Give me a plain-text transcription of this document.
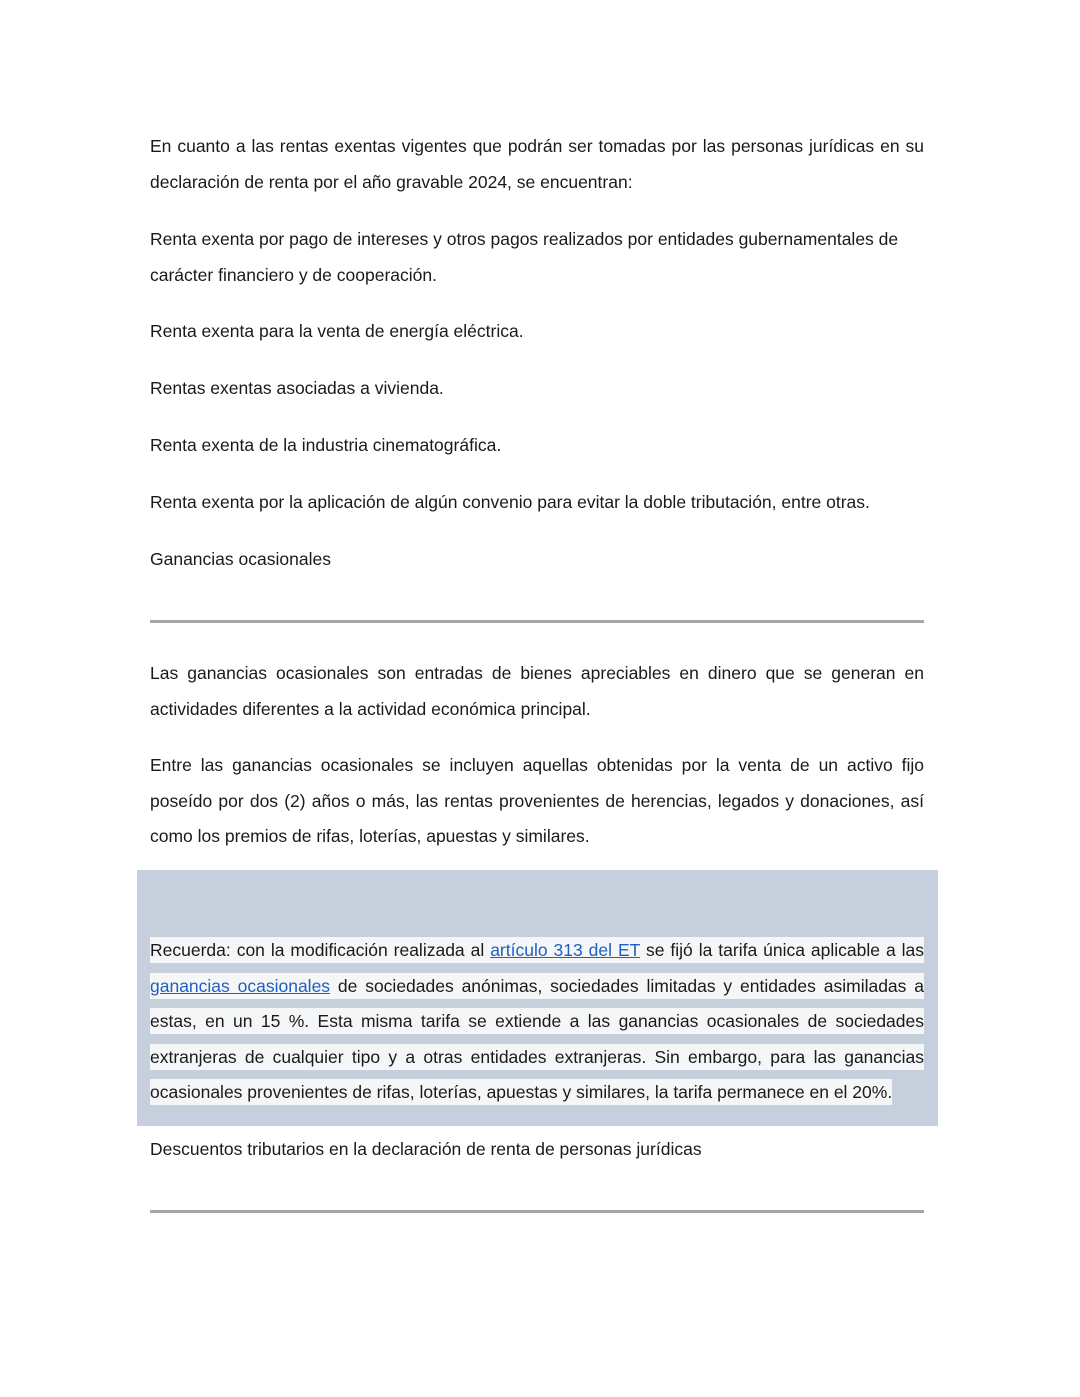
En cuanto a las rentas exentas vigentes que podrán ser tomadas por las personas jurídicas en su declaración de renta por el año gravable 2024, se encuentran:

Renta exenta por pago de intereses y otros pagos realizados por entidades gubernamentales de carácter financiero y de cooperación.

Renta exenta para la venta de energía eléctrica.

Rentas exentas asociadas a vivienda.

Renta exenta de la industria cinematográfica.

Renta exenta por la aplicación de algún convenio para evitar la doble tributación, entre otras.

Ganancias ocasionales

Las ganancias ocasionales son entradas de bienes apreciables en dinero que se generan en actividades diferentes a la actividad económica principal.

Entre las ganancias ocasionales se incluyen aquellas obtenidas por la venta de un activo fijo poseído por dos (2) años o más, las rentas provenientes de herencias, legados y donaciones, así como los premios de rifas, loterías, apuestas y similares.

Recuerda: con la modificación realizada al artículo 313 del ET se fijó la tarifa única aplicable a las ganancias ocasionales de sociedades anónimas, sociedades limitadas y entidades asimiladas a estas, en un 15 %. Esta misma tarifa se extiende a las ganancias ocasionales de sociedades extranjeras de cualquier tipo y a otras entidades extranjeras. Sin embargo, para las ganancias ocasionales provenientes de rifas, loterías, apuestas y similares, la tarifa permanece en el 20%.

Descuentos tributarios en la declaración de renta de personas jurídicas
